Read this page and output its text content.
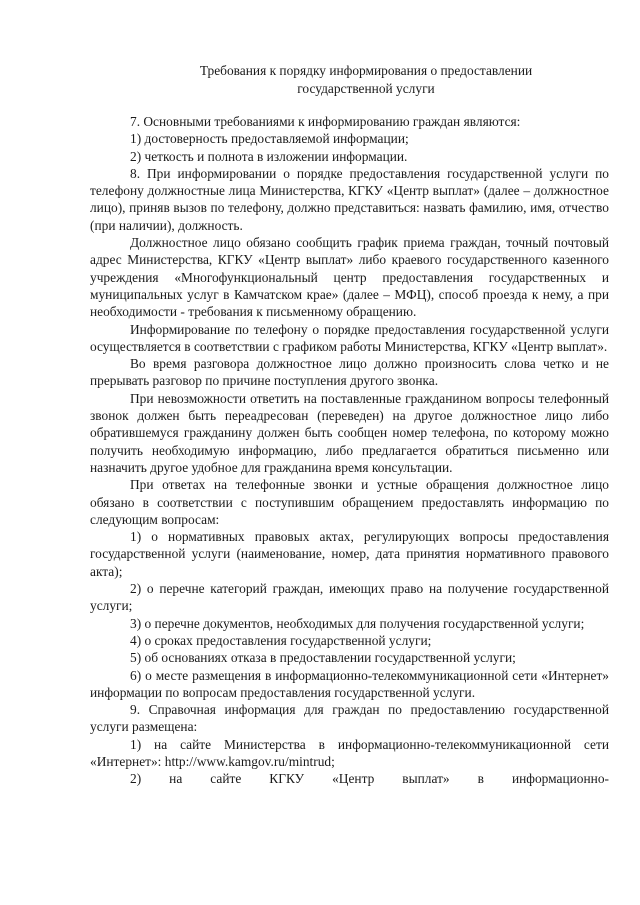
Требования к порядку информирования о предоставлении
государственной услуги

7. Основными требованиями к информированию граждан являются:

1) достоверность предоставляемой информации;

2) четкость и полнота в изложении информации.

8. При информировании о порядке предоставления государственной услуги по телефону должностные лица Министерства, КГКУ «Центр выплат» (далее – должностное лицо), приняв вызов по телефону, должно представиться: назвать фамилию, имя, отчество (при наличии), должность.

Должностное лицо обязано сообщить график приема граждан, точный почтовый адрес Министерства, КГКУ «Центр выплат» либо краевого государственного казенного учреждения «Многофункциональный центр предоставления государственных и муниципальных услуг в Камчатском крае» (далее – МФЦ), способ проезда к нему, а при необходимости - требования к письменному обращению.

Информирование по телефону о порядке предоставления государственной услуги осуществляется в соответствии с графиком работы Министерства, КГКУ «Центр выплат».

Во время разговора должностное лицо должно произносить слова четко и не прерывать разговор по причине поступления другого звонка.

При невозможности ответить на поставленные гражданином вопросы телефонный звонок должен быть переадресован (переведен) на другое должностное лицо либо обратившемуся гражданину должен быть сообщен номер телефона, по которому можно получить необходимую информацию, либо предлагается обратиться письменно или назначить другое удобное для гражданина время консультации.

При ответах на телефонные звонки и устные обращения должностное лицо обязано в соответствии с поступившим обращением предоставлять информацию по следующим вопросам:

1) о нормативных правовых актах, регулирующих вопросы предоставления государственной услуги (наименование, номер, дата принятия нормативного правового акта);

2) о перечне категорий граждан, имеющих право на получение государственной услуги;

3) о перечне документов, необходимых для получения государственной услуги;

4) о сроках предоставления государственной услуги;

5) об основаниях отказа в предоставлении государственной услуги;

6) о месте размещения в информационно-телекоммуникационной сети «Интернет» информации по вопросам предоставления государственной услуги.

9. Справочная информация для граждан по предоставлению государственной услуги размещена:

1) на сайте Министерства в информационно-телекоммуникационной сети «Интернет»: http://www.kamgov.ru/mintrud;

2) на сайте КГКУ «Центр выплат» в информационно-
